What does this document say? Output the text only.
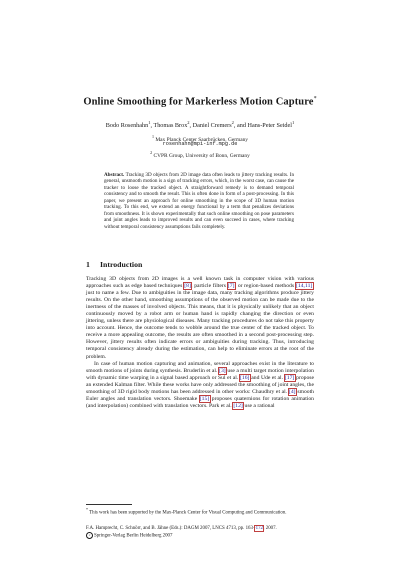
Online Smoothing for Markerless Motion Capture*
Bodo Rosenhahn$^1$, Thomas Brox$^2$, Daniel Cremers$^2$, and Hans-Peter Seidel$^1$
$^1$ Max Planck Center Saarbrücken, Germany
rosenhahn@mpi-inf.mpg.de
$^2$ CVPR Group, University of Bonn, Germany
Abstract. Tracking 3D objects from 2D image data often leads to jittery tracking results. In general, unsmooth motion is a sign of tracking errors, which, in the worst case, can cause the tracker to loose the tracked object. A straightforward remedy is to demand temporal consistency and to smooth the result. This is often done in form of a post-processing. In this paper, we present an approach for online smoothing in the scope of 3D human motion tracking. To this end, we extend an energy functional by a term that penalizes deviations from smoothness. It is shown experimentally that such online smoothing on pose parameters and joint angles leads to improved results and can even succeed in cases, where tracking without temporal consistency assumptions fails completely.
1 Introduction

Tracking 3D objects from 2D images is a well known task in computer vision with various approaches such as edge based techniques [8], particle filters [7], or region-based methods [14,11], just to name a few. Due to ambiguities in the image data, many tracking algorithms produce jittery results. On the other hand, smoothing assumptions of the observed motion can be made due to the inertness of the masses of involved objects. This means, that it is physically unlikely that an object continuously moved by a robot arm or human hand is rapidly changing the direction or even jittering, unless there are physiological diseases. Many tracking procedures do not take this property into account. Hence, the outcome tends to wobble around the true center of the tracked object. To receive a more appealing outcome, the results are often smoothed in a second post-processing step. However, jittery results often indicate errors or ambiguities during tracking. Thus, introducing temporal consistency already during the estimation, can help to eliminate errors at the root of the problem.

In case of human motion capturing and animation, several approaches exist in the literature to smooth motions of joints during synthesis. Bruderlin et al. [3] use a multi target motion interpolation with dynamic time warping in a signal based approach or Sul et al. [16] and Ude et al. [17] propose an extended Kalman filter. While these works have only addressed the smoothing of joint angles, the smoothing of 3D rigid body motions has been addressed in other works: Chaudhry et al. [4] smooth Euler angles and translation vectors. Shoemake [15] proposes quaternions for rotation animation (and interpolation) combined with translation vectors. Park et al. [12] use a rational

* This work has been supported by the Max-Planck Center for Visual Computing and Communication.
F.A. Hamprecht, C. Schnörr, and B. Jähne (Eds.): DAGM 2007, LNCS 4713, pp. 163–172, 2007.
c Springer-Verlag Berlin Heidelberg 2007
